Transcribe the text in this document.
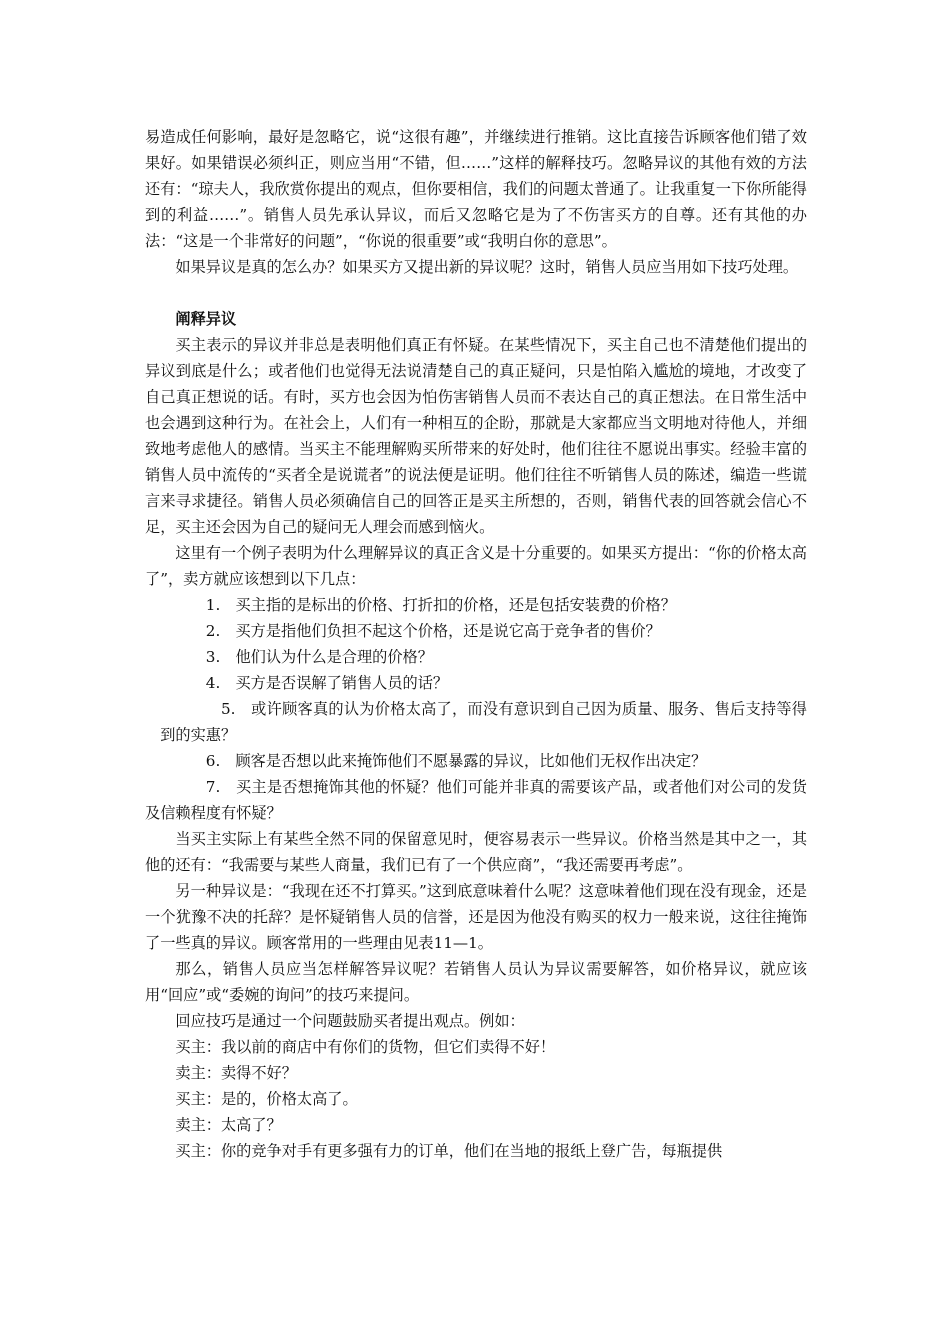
易造成任何影响，最好是忽略它，说“这很有趣”，并继续进行推销。这比直接告诉顾客他们错了效果好。如果错误必须纠正，则应当用“不错，但……”这样的解释技巧。忽略异议的其他有效的方法还有：“琼夫人，我欣赏你提出的观点，但你要相信，我们的问题太普通了。让我重复一下你所能得到的利益……”。销售人员先承认异议，而后又忽略它是为了不伤害买方的自尊。还有其他的办法：“这是一个非常好的问题”，“你说的很重要”或“我明白你的意思”。

如果异议是真的怎么办？如果买方又提出新的异议呢？这时，销售人员应当用如下技巧处理。

阐释异议

买主表示的异议并非总是表明他们真正有怀疑。在某些情况下，买主自己也不清楚他们提出的异议到底是什么；或者他们也觉得无法说清楚自己的真正疑问，只是怕陷入尴尬的境地，才改变了自己真正想说的话。有时，买方也会因为怕伤害销售人员而不表达自己的真正想法。在日常生活中也会遇到这种行为。在社会上，人们有一种相互的企盼，那就是大家都应当文明地对待他人，并细致地考虑他人的感情。当买主不能理解购买所带来的好处时，他们往往不愿说出事实。经验丰富的销售人员中流传的“买者全是说谎者”的说法便是证明。他们往往不听销售人员的陈述，编造一些谎言来寻求捷径。销售人员必须确信自己的回答正是买主所想的，否则，销售代表的回答就会信心不足，买主还会因为自己的疑问无人理会而感到恼火。

这里有一个例子表明为什么理解异议的真正含义是十分重要的。如果买方提出：“你的价格太高了”，卖方就应该想到以下几点：

1.　买主指的是标出的价格、打折扣的价格，还是包括安装费的价格？

2.　买方是指他们负担不起这个价格，还是说它高于竞争者的售价？

3.　他们认为什么是合理的价格？

4.　买方是否误解了销售人员的话？

5.　或许顾客真的认为价格太高了，而没有意识到自己因为质量、服务、售后支持等得到的实惠？

6.　顾客是否想以此来掩饰他们不愿暴露的异议，比如他们无权作出决定？

7.　买主是否想掩饰其他的怀疑？他们可能并非真的需要该产品，或者他们对公司的发货及信赖程度有怀疑？

当买主实际上有某些全然不同的保留意见时，便容易表示一些异议。价格当然是其中之一，其他的还有：“我需要与某些人商量，我们已有了一个供应商”，“我还需要再考虑”。

另一种异议是：“我现在还不打算买。”这到底意味着什么呢？这意味着他们现在没有现金，还是一个犹豫不决的托辞？是怀疑销售人员的信誉，还是因为他没有购买的权力一般来说，这往往掩饰了一些真的异议。顾客常用的一些理由见表11—1。

那么，销售人员应当怎样解答异议呢？若销售人员认为异议需要解答，如价格异议，就应该用“回应”或“委婉的询问”的技巧来提问。

回应技巧是通过一个问题鼓励买者提出观点。例如：

买主：我以前的商店中有你们的货物，但它们卖得不好！

卖主：卖得不好？

买主：是的，价格太高了。

卖主：太高了？

买主：你的竞争对手有更多强有力的订单，他们在当地的报纸上登广告，每瓶提供
